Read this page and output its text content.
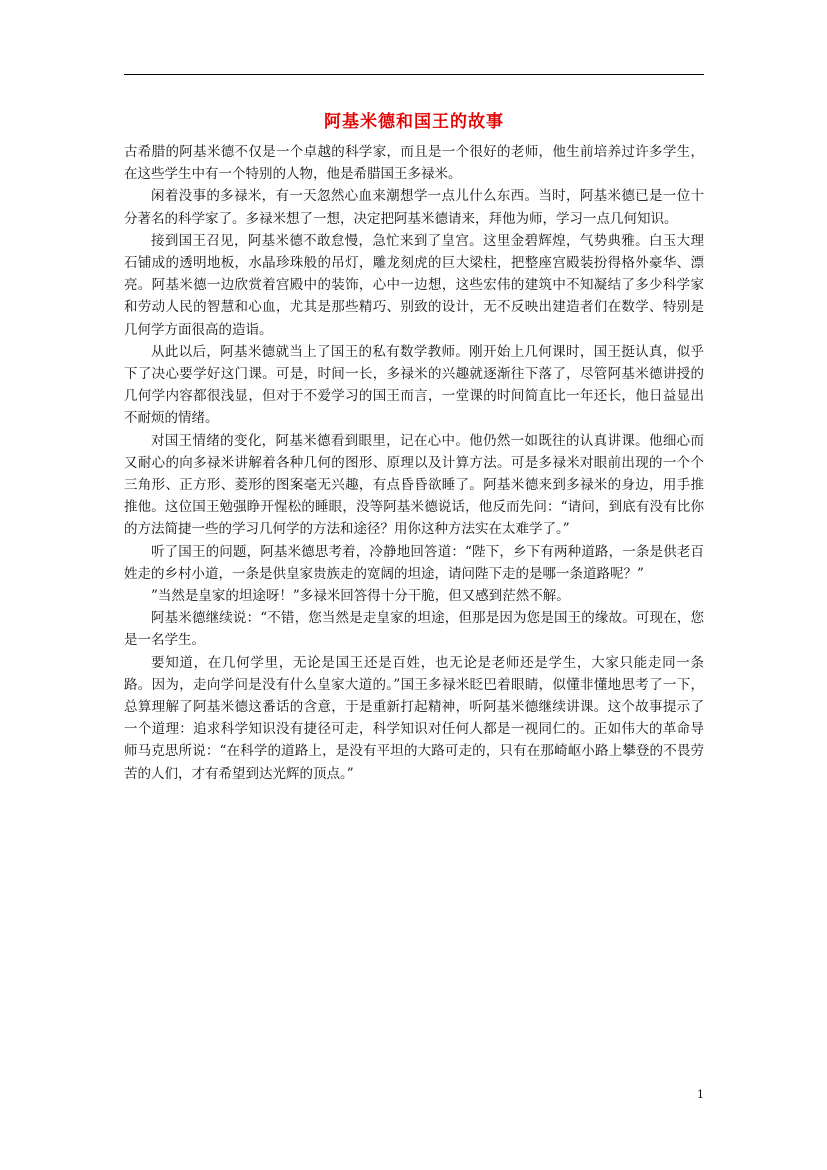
阿基米德和国王的故事

古希腊的阿基米德不仅是一个卓越的科学家，而且是一个很好的老师，他生前培养过许多学生，在这些学生中有一个特别的人物，他是希腊国王多禄米。

闲着没事的多禄米，有一天忽然心血来潮想学一点儿什么东西。当时，阿基米德已是一位十分著名的科学家了。多禄米想了一想，决定把阿基米德请来，拜他为师，学习一点几何知识。

接到国王召见，阿基米德不敢怠慢，急忙来到了皇宫。这里金碧辉煌，气势典雅。白玉大理石铺成的透明地板，水晶珍珠般的吊灯，雕龙刻虎的巨大梁柱，把整座宫殿装扮得格外豪华、漂亮。阿基米德一边欣赏着宫殿中的装饰，心中一边想，这些宏伟的建筑中不知凝结了多少科学家和劳动人民的智慧和心血，尤其是那些精巧、别致的设计，无不反映出建造者们在数学、特别是几何学方面很高的造诣。

从此以后，阿基米德就当上了国王的私有数学教师。刚开始上几何课时，国王挺认真，似乎下了决心要学好这门课。可是，时间一长，多禄米的兴趣就逐渐往下落了，尽管阿基米德讲授的几何学内容都很浅显，但对于不爱学习的国王而言，一堂课的时间简直比一年还长，他日益显出不耐烦的情绪。

对国王情绪的变化，阿基米德看到眼里，记在心中。他仍然一如既往的认真讲课。他细心而又耐心的向多禄米讲解着各种几何的图形、原理以及计算方法。可是多禄米对眼前出现的一个个三角形、正方形、菱形的图案毫无兴趣，有点昏昏欲睡了。阿基米德来到多禄米的身边，用手推推他。这位国王勉强睁开惺松的睡眼，没等阿基米德说话，他反而先问：“请问，到底有没有比你的方法简捷一些的学习几何学的方法和途径？用你这种方法实在太难学了。”

听了国王的问题，阿基米德思考着，冷静地回答道：“陛下，乡下有两种道路，一条是供老百姓走的乡村小道，一条是供皇家贵族走的宽阔的坦途，请问陛下走的是哪一条道路呢？”

”当然是皇家的坦途呀！”多禄米回答得十分干脆，但又感到茫然不解。

阿基米德继续说：“不错，您当然是走皇家的坦途，但那是因为您是国王的缘故。可现在，您是一名学生。

要知道，在几何学里，无论是国王还是百姓，也无论是老师还是学生，大家只能走同一条路。因为，走向学问是没有什么皇家大道的。”国王多禄米眨巴着眼睛，似懂非懂地思考了一下，总算理解了阿基米德这番话的含意，于是重新打起精神，听阿基米德继续讲课。这个故事提示了一个道理：追求科学知识没有捷径可走，科学知识对任何人都是一视同仁的。正如伟大的革命导师马克思所说：“在科学的道路上，是没有平坦的大路可走的，只有在那崎岖小路上攀登的不畏劳苦的人们，才有希望到达光辉的顶点。”

1
